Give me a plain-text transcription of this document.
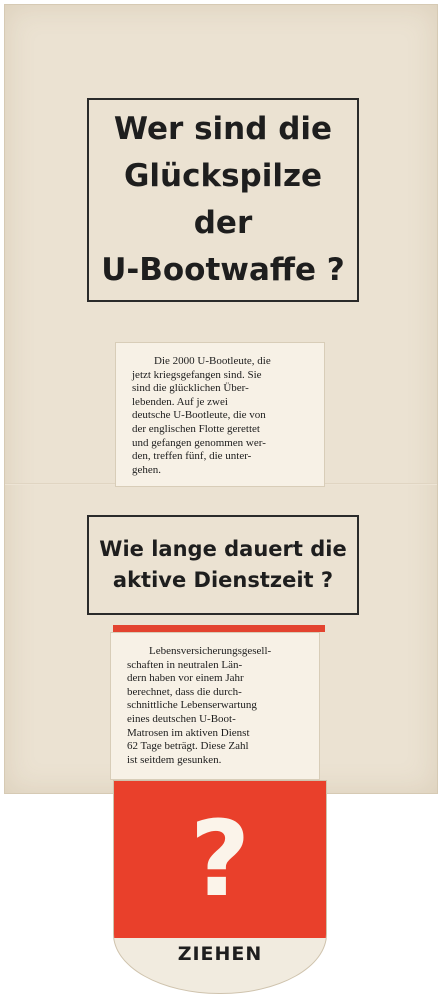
Wer sind die
Glückspilze
der
U-Bootwaffe ?
Die 2000 U-Bootleute, die
jetzt kriegsgefangen sind. Sie
sind die glücklichen Über-
lebenden. Auf je zwei
deutsche U-Bootleute, die von
der englischen Flotte gerettet
und gefangen genommen wer-
den, treffen fünf, die unter-
gehen.
Wie lange dauert die
aktive Dienstzeit ?
Lebensversicherungsgesell-
schaften in neutralen Län-
dern haben vor einem Jahr
berechnet, dass die durch-
schnittliche Lebenserwartung
eines deutschen U-Boot-
Matrosen im aktiven Dienst
62 Tage beträgt. Diese Zahl
ist seitdem gesunken.
?
ZIEHEN
